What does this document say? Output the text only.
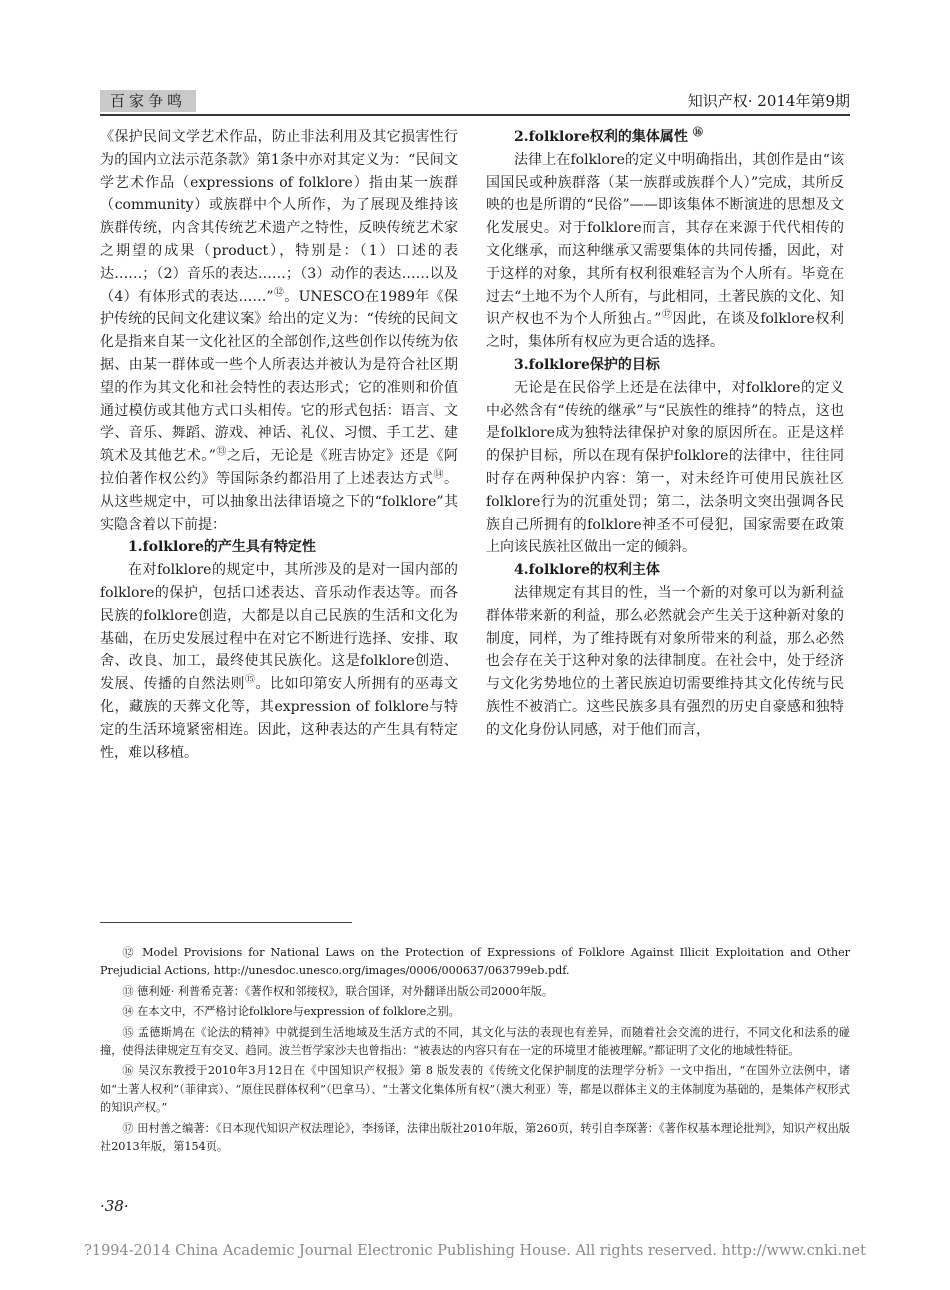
百家争鸣	知识产权· 2014年第9期

《保护民间文学艺术作品，防止非法利用及其它损害性行为的国内立法示范条款》第1条中亦对其定义为：“民间文学艺术作品（expressions of folklore）指由某一族群（community）或族群中个人所作，为了展现及维持该族群传统，内含其传统艺术遗产之特性，反映传统艺术家之期望的成果（product），特别是：（1）口述的表达……；（2）音乐的表达……；（3）动作的表达……以及（4）有体形式的表达……”⑫。UNESCO在1989年《保护传统的民间文化建议案》给出的定义为：“传统的民间文化是指来自某一文化社区的全部创作,这些创作以传统为依据、由某一群体或一些个人所表达并被认为是符合社区期望的作为其文化和社会特性的表达形式；它的准则和价值通过模仿或其他方式口头相传。它的形式包括：语言、文学、音乐、舞蹈、游戏、神话、礼仪、习惯、手工艺、建筑术及其他艺术。”⑬之后，无论是《班吉协定》还是《阿拉伯著作权公约》等国际条约都沿用了上述表达方式⑭。从这些规定中，可以抽象出法律语境之下的“folklore”其实隐含着以下前提：

1.folklore的产生具有特定性

在对folklore的规定中，其所涉及的是对一国内部的folklore的保护，包括口述表达、音乐动作表达等。而各民族的folklore创造，大都是以自己民族的生活和文化为基础，在历史发展过程中在对它不断进行选择、安排、取舍、改良、加工，最终使其民族化。这是folklore创造、发展、传播的自然法则⑮。比如印第安人所拥有的巫毒文化，藏族的天葬文化等，其expression of folklore与特定的生活环境紧密相连。因此，这种表达的产生具有特定性，难以移植。

2.folklore权利的集体属性 ⑯

法律上在folklore的定义中明确指出，其创作是由“该国国民或种族群落（某一族群或族群个人）”完成，其所反映的也是所谓的“民俗”——即该集体不断演进的思想及文化发展史。对于folklore而言，其存在来源于代代相传的文化继承，而这种继承又需要集体的共同传播，因此，对于这样的对象，其所有权利很难轻言为个人所有。毕竟在过去“土地不为个人所有，与此相同，土著民族的文化、知识产权也不为个人所独占。”⑰因此，在谈及folklore权利之时，集体所有权应为更合适的选择。

3.folklore保护的目标

无论是在民俗学上还是在法律中，对folklore的定义中必然含有“传统的继承”与“民族性的维持”的特点，这也是folklore成为独特法律保护对象的原因所在。正是这样的保护目标，所以在现有保护folklore的法律中，往往同时存在两种保护内容：第一，对未经许可使用民族社区folklore行为的沉重处罚；第二，法条明文突出强调各民族自己所拥有的folklore神圣不可侵犯，国家需要在政策上向该民族社区做出一定的倾斜。

4.folklore的权利主体

法律规定有其目的性，当一个新的对象可以为新利益群体带来新的利益，那么必然就会产生关于这种新对象的制度，同样，为了维持既有对象所带来的利益，那么必然也会存在关于这种对象的法律制度。在社会中，处于经济与文化劣势地位的土著民族迫切需要维持其文化传统与民族性不被消亡。这些民族多具有强烈的历史自豪感和独特的文化身份认同感，对于他们而言，

⑫ Model Provisions for National Laws on the Protection of Expressions of Folklore Against Illicit Exploitation and Other Prejudicial Actions, http://unesdoc.unesco.org/images/0006/000637/063799eb.pdf.

⑬ 德利娅· 利普希克著：《著作权和邻接权》，联合国译，对外翻译出版公司2000年版。

⑭ 在本文中，不严格讨论folklore与expression of folklore之别。

⑮ 孟德斯鸠在《论法的精神》中就提到生活地域及生活方式的不同，其文化与法的表现也有差异，而随着社会交流的进行，不同文化和法系的碰撞，使得法律规定互有交叉、趋同。波兰哲学家沙夫也曾指出：“被表达的内容只有在一定的环境里才能被理解。”都证明了文化的地域性特征。

⑯ 吴汉东教授于2010年3月12日在《中国知识产权报》第 8 版发表的《传统文化保护制度的法理学分析》一文中指出，“在国外立法例中，诸如“土著人权利”（菲律宾）、“原住民群体权利”（巴拿马）、“土著文化集体所有权”（澳大利亚）等，都是以群体主义的主体制度为基础的，是集体产权形式的知识产权。”

⑰ 田村善之编著：《日本现代知识产权法理论》，李扬译，法律出版社2010年版，第260页，转引自李琛著：《著作权基本理论批判》，知识产权出版社2013年版，第154页。

·38·
?1994-2014 China Academic Journal Electronic Publishing House. All rights reserved. http://www.cnki.net
